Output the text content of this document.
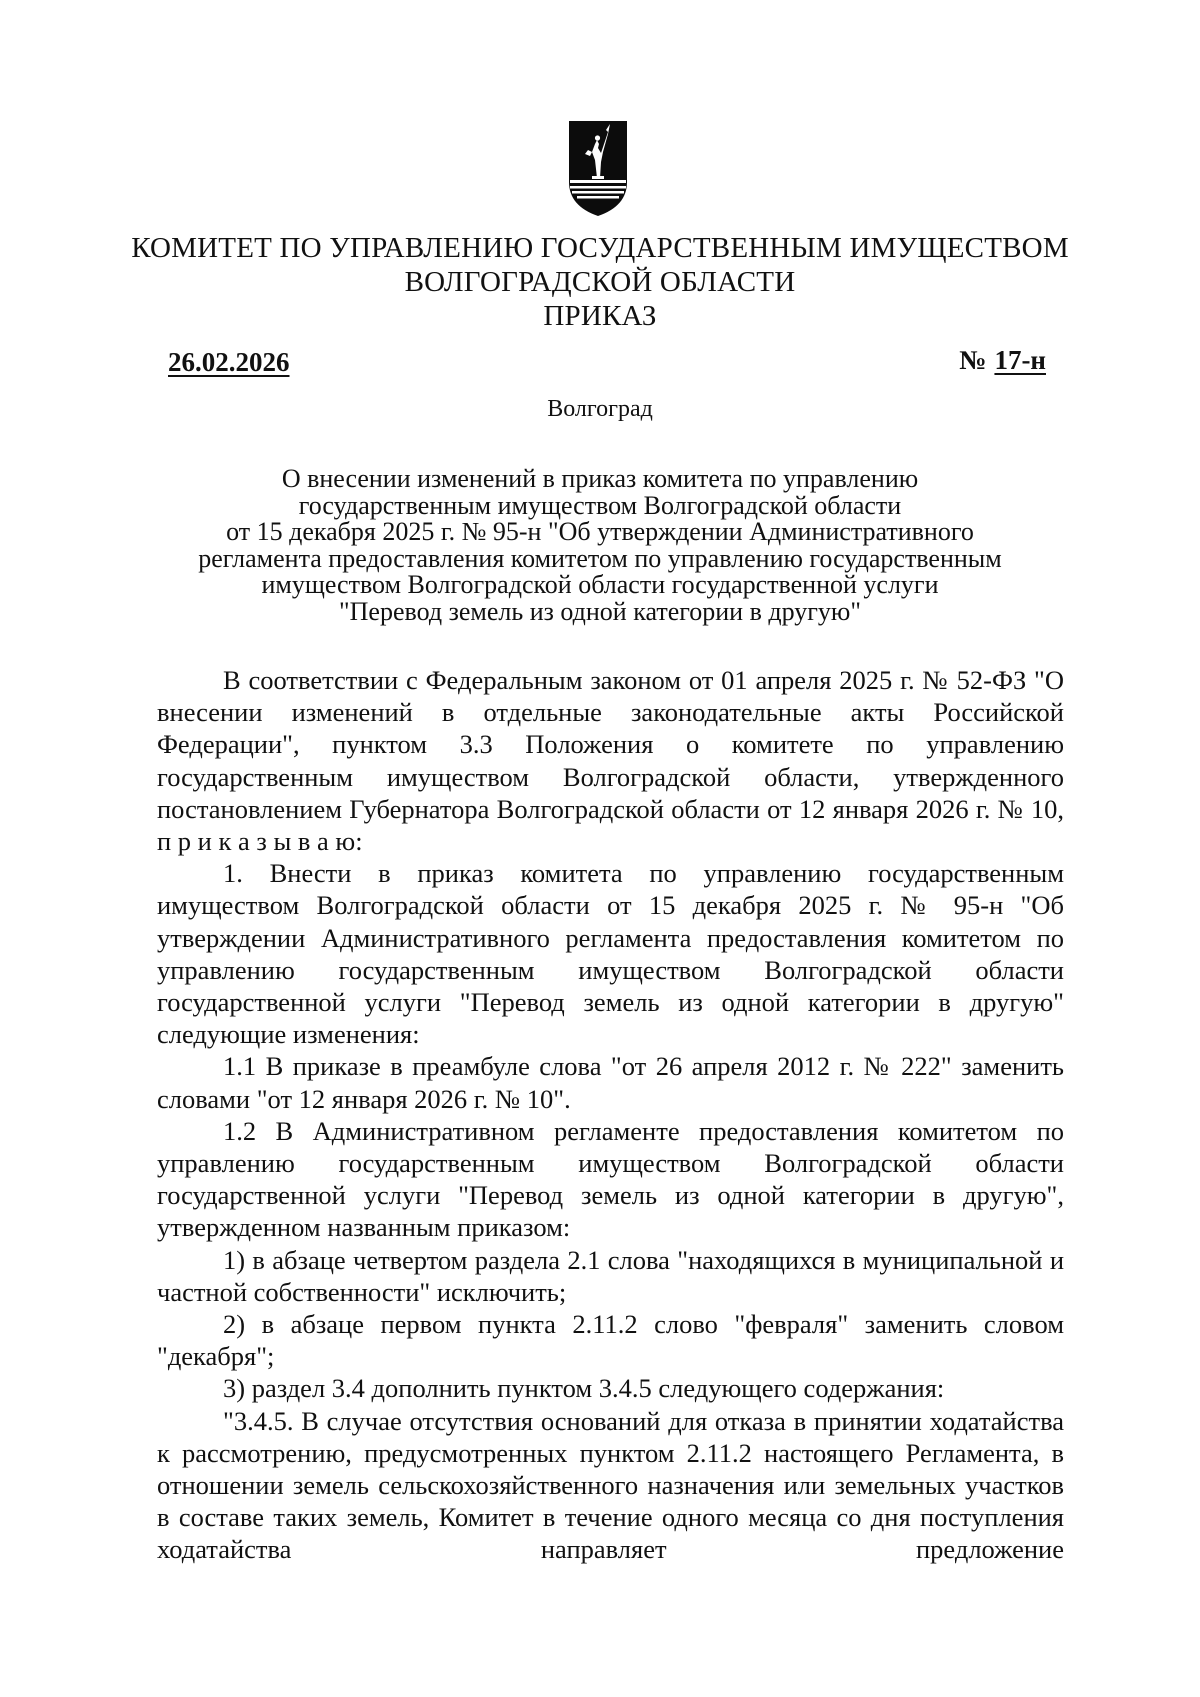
КОМИТЕТ ПО УПРАВЛЕНИЮ ГОСУДАРСТВЕННЫМ ИМУЩЕСТВОМ
ВОЛГОГРАДСКОЙ ОБЛАСТИ
ПРИКАЗ
26.02.2026	№ 17-н
Волгоград
О внесении изменений в приказ комитета по управлению
государственным имуществом Волгоградской области
от 15 декабря 2025 г. № 95-н "Об утверждении Административного
регламента предоставления комитетом по управлению государственным
имуществом Волгоградской области государственной услуги
"Перевод земель из одной категории в другую"

В соответствии с Федеральным законом от 01 апреля 2025 г. № 52-ФЗ "О внесении изменений в отдельные законодательные акты Российской Федерации", пунктом 3.3 Положения о комитете по управлению государственным имуществом Волгоградской области, утвержденного постановлением Губернатора Волгоградской области от 12 января 2026 г. № 10, п р и к а з ы в а ю:

1. Внести в приказ комитета по управлению государственным имуществом Волгоградской области от 15 декабря 2025 г. № 95-н "Об утверждении Административного регламента предоставления комитетом по управлению государственным имуществом Волгоградской области государственной услуги "Перевод земель из одной категории в другую" следующие изменения:

1.1 В приказе в преамбуле слова "от 26 апреля 2012 г. № 222" заменить словами "от 12 января 2026 г. № 10".

1.2 В Административном регламенте предоставления комитетом по управлению государственным имуществом Волгоградской области государственной услуги "Перевод земель из одной категории в другую", утвержденном названным приказом:

1) в абзаце четвертом раздела 2.1 слова "находящихся в муниципальной и частной собственности" исключить;

2) в абзаце первом пункта 2.11.2 слово "февраля" заменить словом "декабря";

3) раздел 3.4 дополнить пунктом 3.4.5 следующего содержания:

"3.4.5. В случае отсутствия оснований для отказа в принятии ходатайства к рассмотрению, предусмотренных пунктом 2.11.2 настоящего Регламента, в отношении земель сельскохозяйственного назначения или земельных участков в составе таких земель, Комитет в течение одного месяца со дня поступления ходатайства направляет предложение
